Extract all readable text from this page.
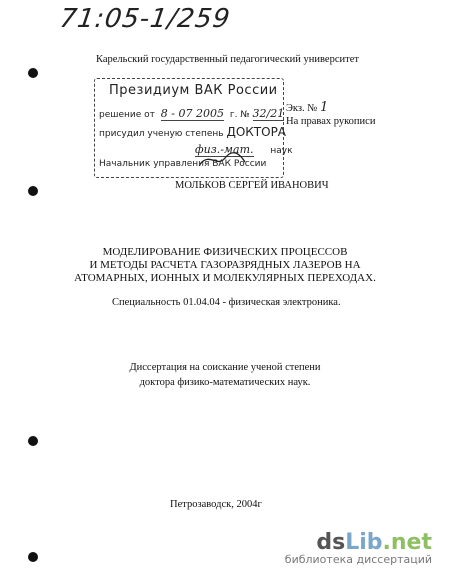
71:05-1/259
Карельский государственный педагогический университет
Президиум ВАК России
решение от 8 - 07 2005 г. № 32/21
присудил ученую степень ДОКТОРА
физ.-мат. наук
Начальник управления ВАК России
Экз. № 1
На правах рукописи
МОЛЬКОВ СЕРГЕЙ ИВАНОВИЧ
МОДЕЛИРОВАНИЕ ФИЗИЧЕСКИХ ПРОЦЕССОВ
И МЕТОДЫ РАСЧЕТА ГАЗОРАЗРЯДНЫХ ЛАЗЕРОВ НА
АТОМАРНЫХ, ИОННЫХ И МОЛЕКУЛЯРНЫХ ПЕРЕХОДАХ.
Специальность 01.04.04 - физическая электроника.
Диссертация на соискание ученой степени
доктора физико-математических наук.
Петрозаводск, 2004г
dsLib.net
библиотека диссертаций
